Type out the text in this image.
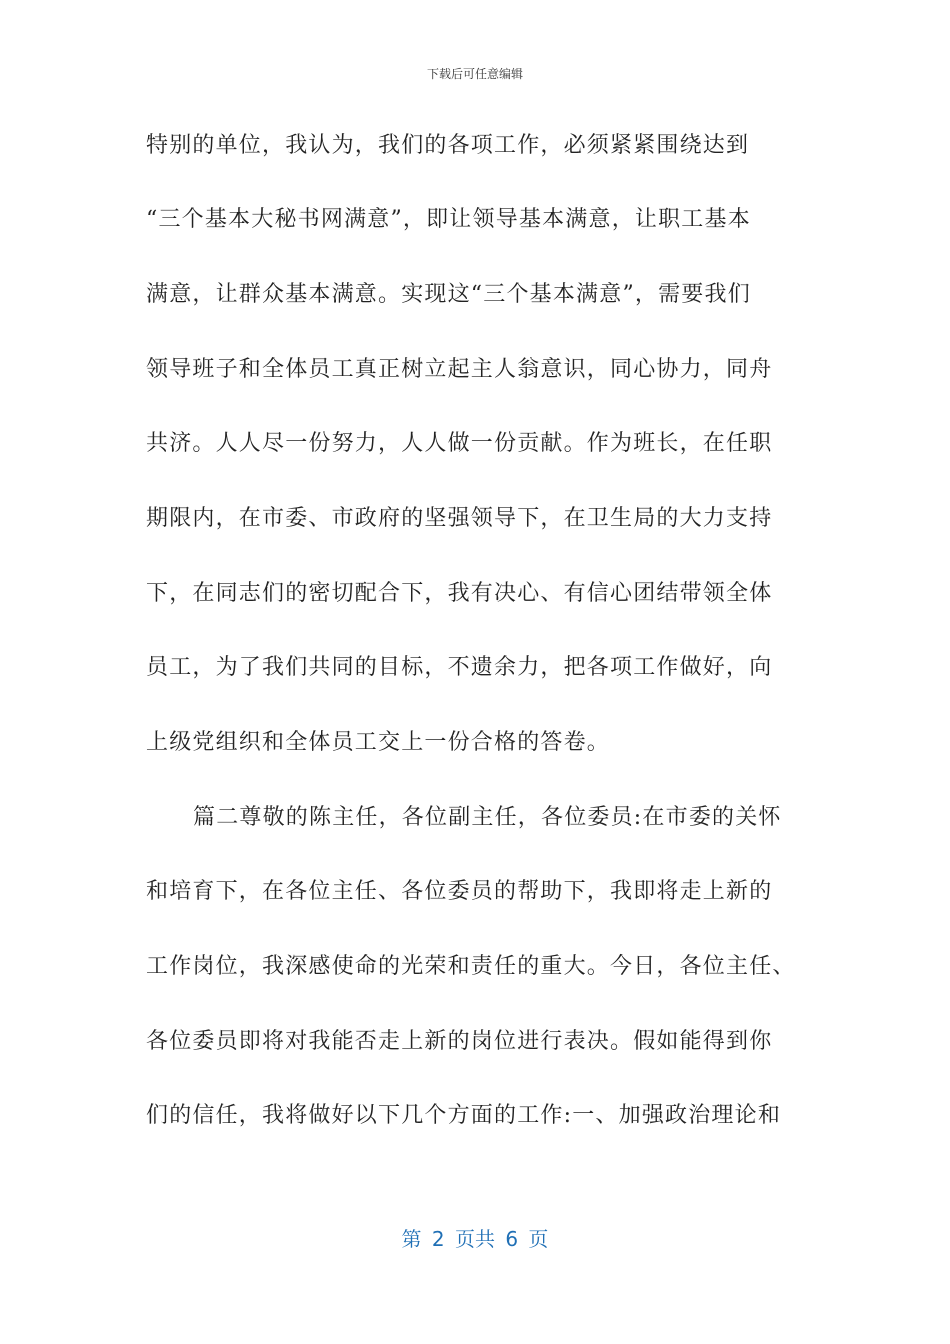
下载后可任意编辑
特别的单位，我认为，我们的各项工作，必须紧紧围绕达到
“三个基本大秘书网满意”，即让领导基本满意，让职工基本
满意，让群众基本满意。实现这“三个基本满意”，需要我们
领导班子和全体员工真正树立起主人翁意识，同心协力，同舟
共济。人人尽一份努力，人人做一份贡献。作为班长，在任职
期限内，在市委、市政府的坚强领导下，在卫生局的大力支持
下，在同志们的密切配合下，我有决心、有信心团结带领全体
员工，为了我们共同的目标，不遗余力，把各项工作做好，向
上级党组织和全体员工交上一份合格的答卷。
篇二尊敬的陈主任，各位副主任，各位委员:在市委的关怀
和培育下，在各位主任、各位委员的帮助下，我即将走上新的
工作岗位，我深感使命的光荣和责任的重大。今日，各位主任、
各位委员即将对我能否走上新的岗位进行表决。假如能得到你
们的信任，我将做好以下几个方面的工作:一、加强政治理论和
第 2 页共 6 页
